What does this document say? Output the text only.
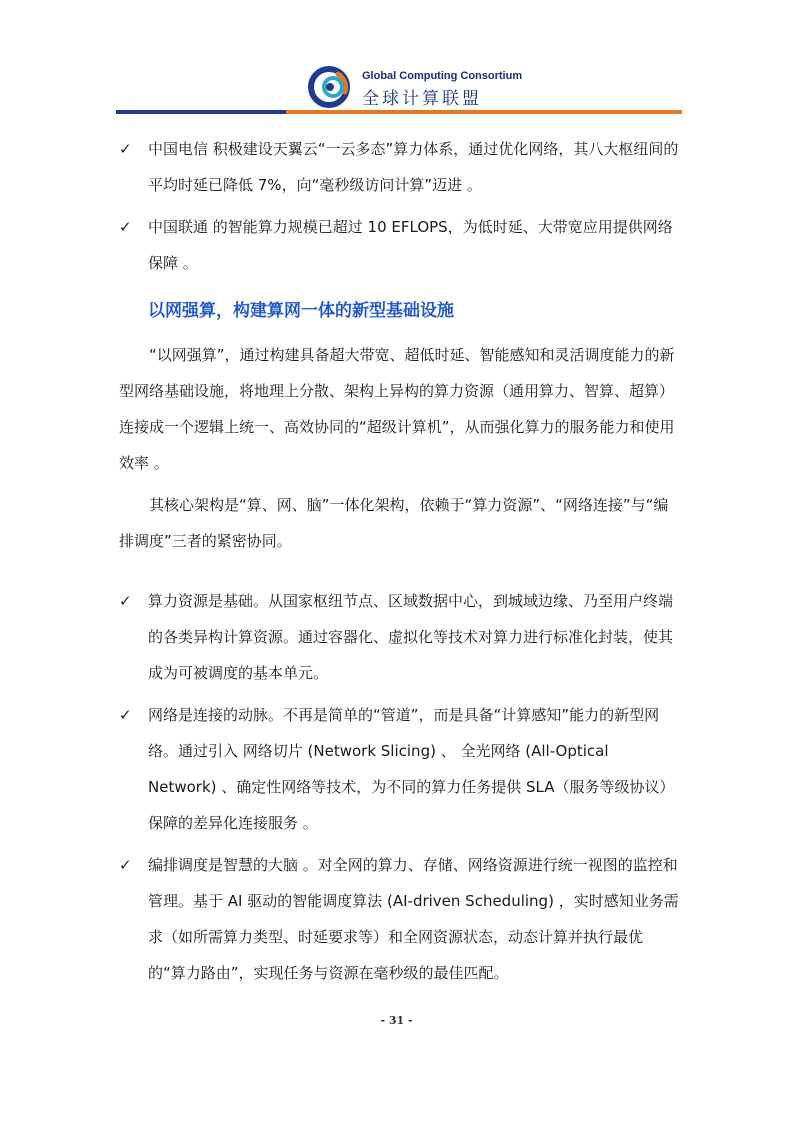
Global Computing Consortium
全球计算联盟
✓ 中国电信 积极建设天翼云“一云多态”算力体系，通过优化网络，其八大枢纽间的平均时延已降低 7%，向“毫秒级访问计算”迈进 。
✓ 中国联通 的智能算力规模已超过 10 EFLOPS，为低时延、大带宽应用提供网络保障 。
以网强算，构建算网一体的新型基础设施

“以网强算”，通过构建具备超大带宽、超低时延、智能感知和灵活调度能力的新型网络基础设施，将地理上分散、架构上异构的算力资源（通用算力、智算、超算）连接成一个逻辑上统一、高效协同的“超级计算机”，从而强化算力的服务能力和使用效率 。

其核心架构是“算、网、脑”一体化架构，依赖于“算力资源”、“网络连接”与“编排调度”三者的紧密协同。

✓ 算力资源是基础。从国家枢纽节点、区域数据中心，到城域边缘、乃至用户终端的各类异构计算资源。通过容器化、虚拟化等技术对算力进行标准化封装，使其成为可被调度的基本单元。
✓ 网络是连接的动脉。不再是简单的“管道”，而是具备“计算感知”能力的新型网络。通过引入 网络切片 (Network Slicing) 、 全光网络 (All-Optical Network) 、确定性网络等技术，为不同的算力任务提供 SLA（服务等级协议）保障的差异化连接服务 。
✓ 编排调度是智慧的大脑 。对全网的算力、存储、网络资源进行统一视图的监控和管理。基于 AI 驱动的智能调度算法 (AI-driven Scheduling) ，实时感知业务需求（如所需算力类型、时延要求等）和全网资源状态，动态计算并执行最优的“算力路由”，实现任务与资源在毫秒级的最佳匹配。
- 31 -
